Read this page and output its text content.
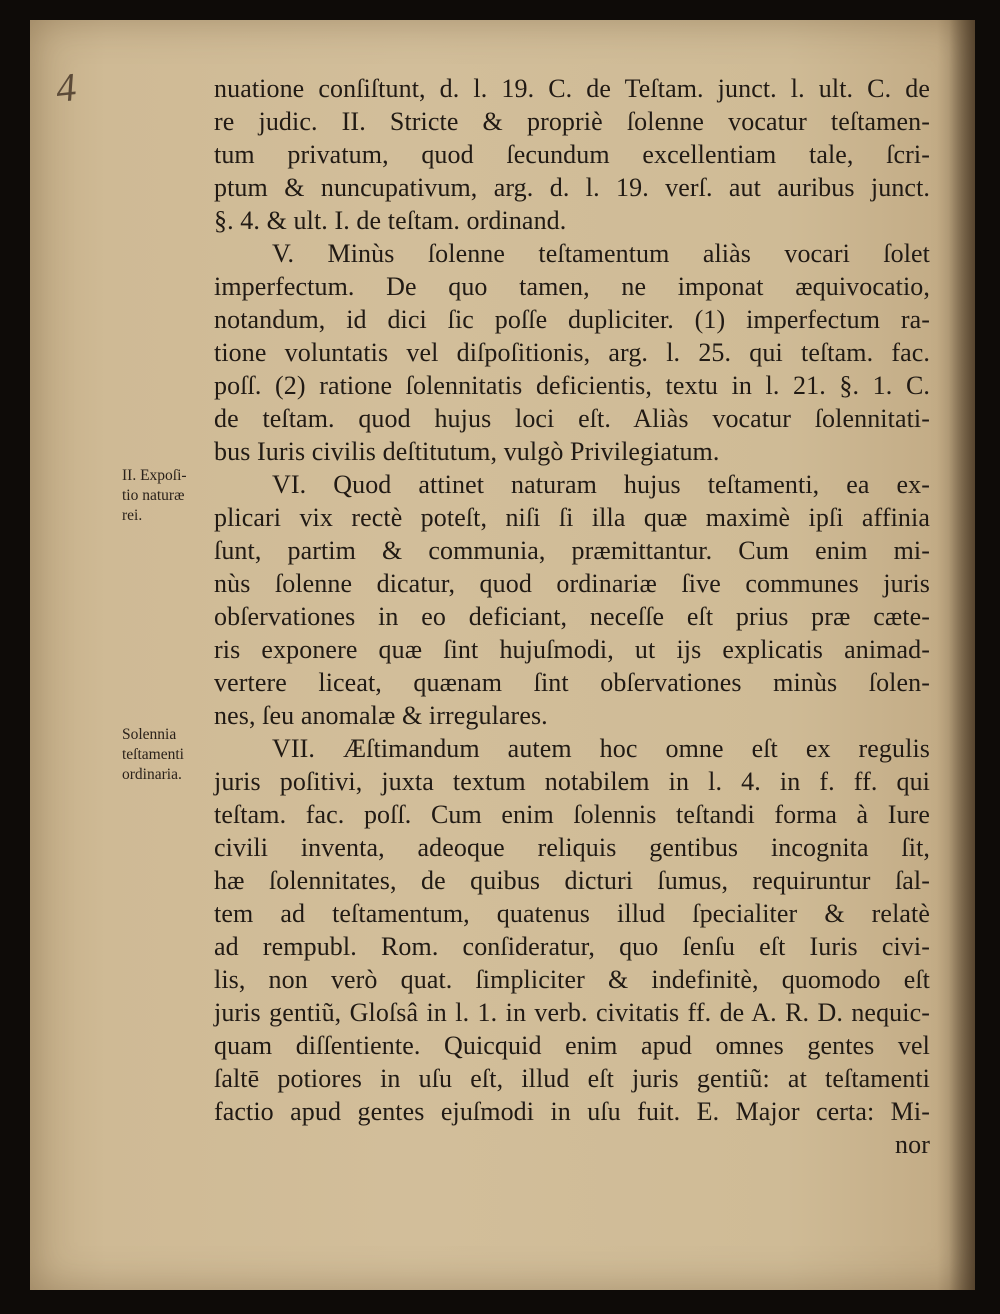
4
II. Expoſi-
tio naturæ
rei.
Solennia
teſtamenti
ordinaria.
nuatione conſiſtunt, d. l. 19. C. de Teſtam. junct. l. ult. C. de
re judic. II. Stricte & propriè ſolenne vocatur teſtamen-
tum privatum, quod ſecundum excellentiam tale, ſcri-
ptum & nuncupativum, arg. d. l. 19. verſ. aut auribus junct.
§. 4. & ult. I. de teſtam. ordinand.
V. Minùs ſolenne teſtamentum aliàs vocari ſolet
imperfectum. De quo tamen, ne imponat æquivocatio,
notandum, id dici ſic poſſe dupliciter. (1) imperfectum ra-
tione voluntatis vel diſpoſitionis, arg. l. 25. qui teſtam. fac.
poſſ. (2) ratione ſolennitatis deficientis, textu in l. 21. §. 1. C.
de teſtam. quod hujus loci eſt. Aliàs vocatur ſolennitati-
bus Iuris civilis deſtitutum, vulgò Privilegiatum.
VI. Quod attinet naturam hujus teſtamenti, ea ex-
plicari vix rectè poteſt, niſi ſi illa quæ maximè ipſi affinia
ſunt, partim & communia, præmittantur. Cum enim mi-
nùs ſolenne dicatur, quod ordinariæ ſive communes juris
obſervationes in eo deficiant, neceſſe eſt prius præ cæte-
ris exponere quæ ſint hujuſmodi, ut ijs explicatis animad-
vertere liceat, quænam ſint obſervationes minùs ſolen-
nes, ſeu anomalæ & irregulares.
VII. Æſtimandum autem hoc omne eſt ex regulis
juris poſitivi, juxta textum notabilem in l. 4. in f. ff. qui
teſtam. fac. poſſ. Cum enim ſolennis teſtandi forma à Iure
civili inventa, adeoque reliquis gentibus incognita ſit,
hæ ſolennitates, de quibus dicturi ſumus, requiruntur ſal-
tem ad teſtamentum, quatenus illud ſpecialiter & relatè
ad rempubl. Rom. conſideratur, quo ſenſu eſt Iuris civi-
lis, non verò quat. ſimpliciter & indefinitè, quomodo eſt
juris gentiũ, Gloſsâ in l. 1. in verb. civitatis ff. de A. R. D. nequic-
quam diſſentiente. Quicquid enim apud omnes gentes vel
ſaltē potiores in uſu eſt, illud eſt juris gentiũ: at teſtamenti
factio apud gentes ejuſmodi in uſu fuit. E. Major certa: Mi-
nor
